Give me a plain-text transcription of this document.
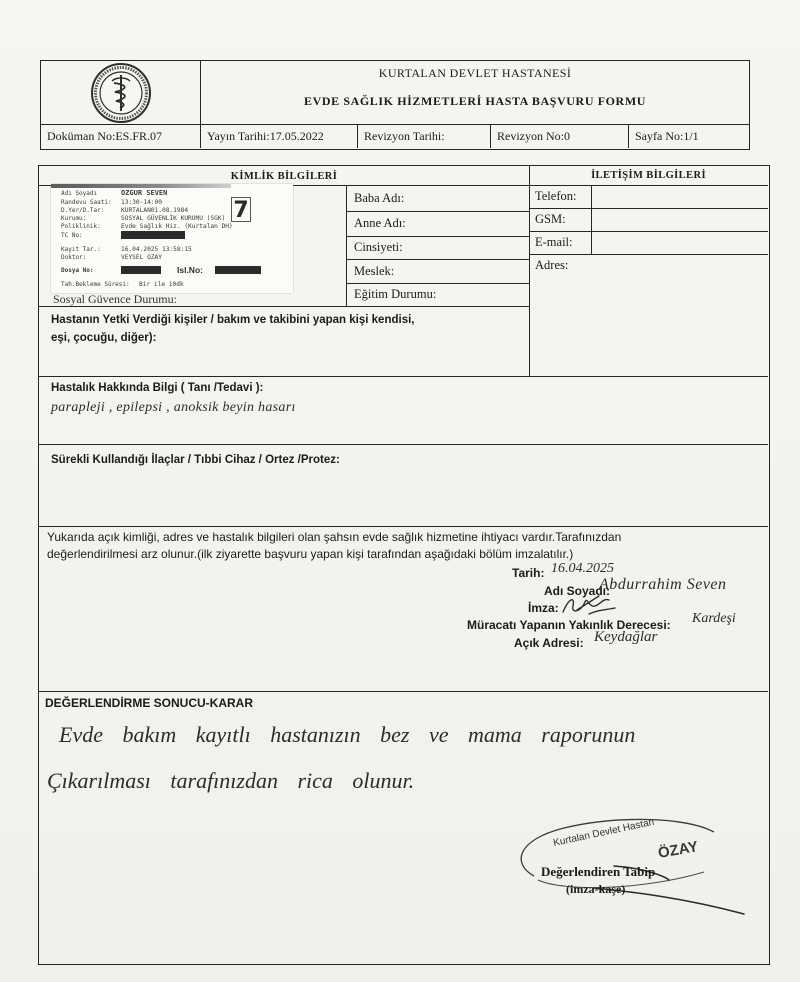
KURTALAN DEVLET HASTANESİ
EVDE SAĞLIK HİZMETLERİ HASTA BAŞVURU FORMU
Doküman No:ES.FR.07	Yayın Tarihi:17.05.2022	Revizyon Tarihi:	Revizyon No:0	Sayfa No:1/1
KİMLİK BİLGİLERİ	İLETİŞİM BİLGİLERİ
Adı Soyadı	OZGUR SEVEN
Randevu Saati: 13:30-14:00
D.Yer/D.Tar:	KURTALAN01.08.1984
Kurumu:	SOSYAL GÜVENLİK KURUMU (SGK)
Poliklinik:	Evde Sağlık Hiz. (Kurtalan DH)
TC No:
Kayıt Tar.:	16.04.2025 13:58:15
Doktor:	VEYSEL OZAY
Dosya No:	Isl.No:
Tah.Bekleme Süresi: Bir ile 10dk
7
Sosyal Güvence Durumu:
Baba Adı:
Anne Adı:
Cinsiyeti:
Meslek:
Eğitim Durumu:
Telefon:
GSM:
E-mail:
Adres:
Hastanın Yetki Verdiği kişiler / bakım ve takibini yapan kişi kendisi,
eşi, çocuğu, diğer):
Hastalık Hakkında Bilgi ( Tanı /Tedavi ):
parapleji , epilepsi , anoksik beyin hasarı
Sürekli Kullandığı İlaçlar / Tıbbi Cihaz / Ortez /Protez:
Yukarıda açık kimliği, adres ve hastalık bilgileri olan şahsın evde sağlık hizmetine ihtiyacı vardır.Tarafınızdan
değerlendirilmesi arz olunur.(ilk ziyarette başvuru yapan kişi tarafından aşağıdaki bölüm imzalatılır.)
Tarih: 16.04.2025
Adı Soyadı:
Abdurrahim Seven
İmza:
Müracatı Yapanın Yakınlık Derecesi: Kardeşi
Açık Adresi: Keydağlar
DEĞERLENDİRME SONUCU-KARAR
Evde bakım kayıtlı hastanızın bez ve mama raporunun
Çıkarılması tarafınızdan rica olunur.
Kurtalan Devlet Hastan
ÖZAY
Değerlendiren Tabip
(imza-kaşe)
